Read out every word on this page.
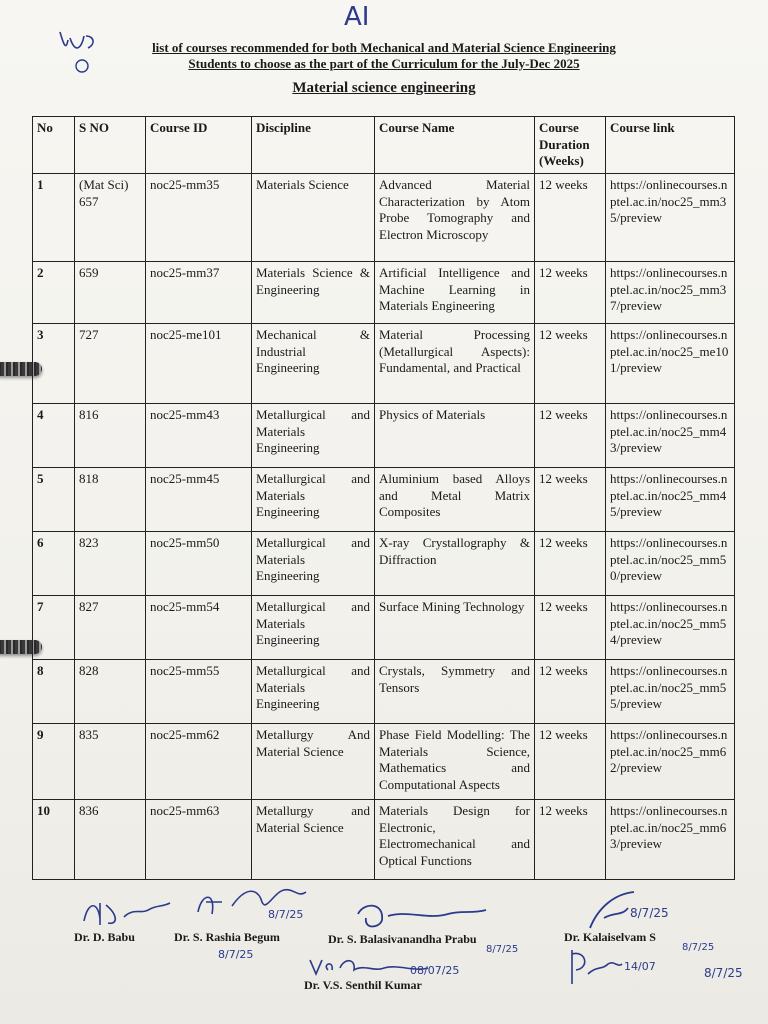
AI
list of courses recommended for both Mechanical and Material Science Engineering
Students to choose as the part of the Curriculum for the July-Dec 2025
Material science engineering
No	S NO	Course ID	Discipline	Course Name	Course Duration (Weeks)	Course link
1	(Mat Sci) 657	noc25-mm35	Materials Science	Advanced Material Characterization by Atom Probe Tomography and Electron Microscopy	12 weeks	https://onlinecourses.nptel.ac.in/noc25_mm35/preview
2	659	noc25-mm37	Materials Science & Engineering	Artificial Intelligence and Machine Learning in Materials Engineering	12 weeks	https://onlinecourses.nptel.ac.in/noc25_mm37/preview
3	727	noc25-me101	Mechanical & Industrial Engineering	Material Processing (Metallurgical Aspects): Fundamental, and Practical	12 weeks	https://onlinecourses.nptel.ac.in/noc25_me101/preview
4	816	noc25-mm43	Metallurgical and Materials Engineering	Physics of Materials	12 weeks	https://onlinecourses.nptel.ac.in/noc25_mm43/preview
5	818	noc25-mm45	Metallurgical and Materials Engineering	Aluminium based Alloys and Metal Matrix Composites	12 weeks	https://onlinecourses.nptel.ac.in/noc25_mm45/preview
6	823	noc25-mm50	Metallurgical and Materials Engineering	X-ray Crystallography & Diffraction	12 weeks	https://onlinecourses.nptel.ac.in/noc25_mm50/preview
7	827	noc25-mm54	Metallurgical and Materials Engineering	Surface Mining Technology	12 weeks	https://onlinecourses.nptel.ac.in/noc25_mm54/preview
8	828	noc25-mm55	Metallurgical and Materials Engineering	Crystals, Symmetry and Tensors	12 weeks	https://onlinecourses.nptel.ac.in/noc25_mm55/preview
9	835	noc25-mm62	Metallurgy And Material Science	Phase Field Modelling: The Materials Science, Mathematics and Computational Aspects	12 weeks	https://onlinecourses.nptel.ac.in/noc25_mm62/preview
10	836	noc25-mm63	Metallurgy and Material Science	Materials Design for Electronic, Electromechanical and Optical Functions	12 weeks	https://onlinecourses.nptel.ac.in/noc25_mm63/preview
8/7/25
8/7/25
8/7/25
08/07/25
8/7/25
14/07
8/7/25
8/7/25
Dr. D. Babu	Dr. S. Rashia Begum	Dr. S. Balasivanandha Prabu	Dr. Kalaiselvam S
Dr. V.S. Senthil Kumar
